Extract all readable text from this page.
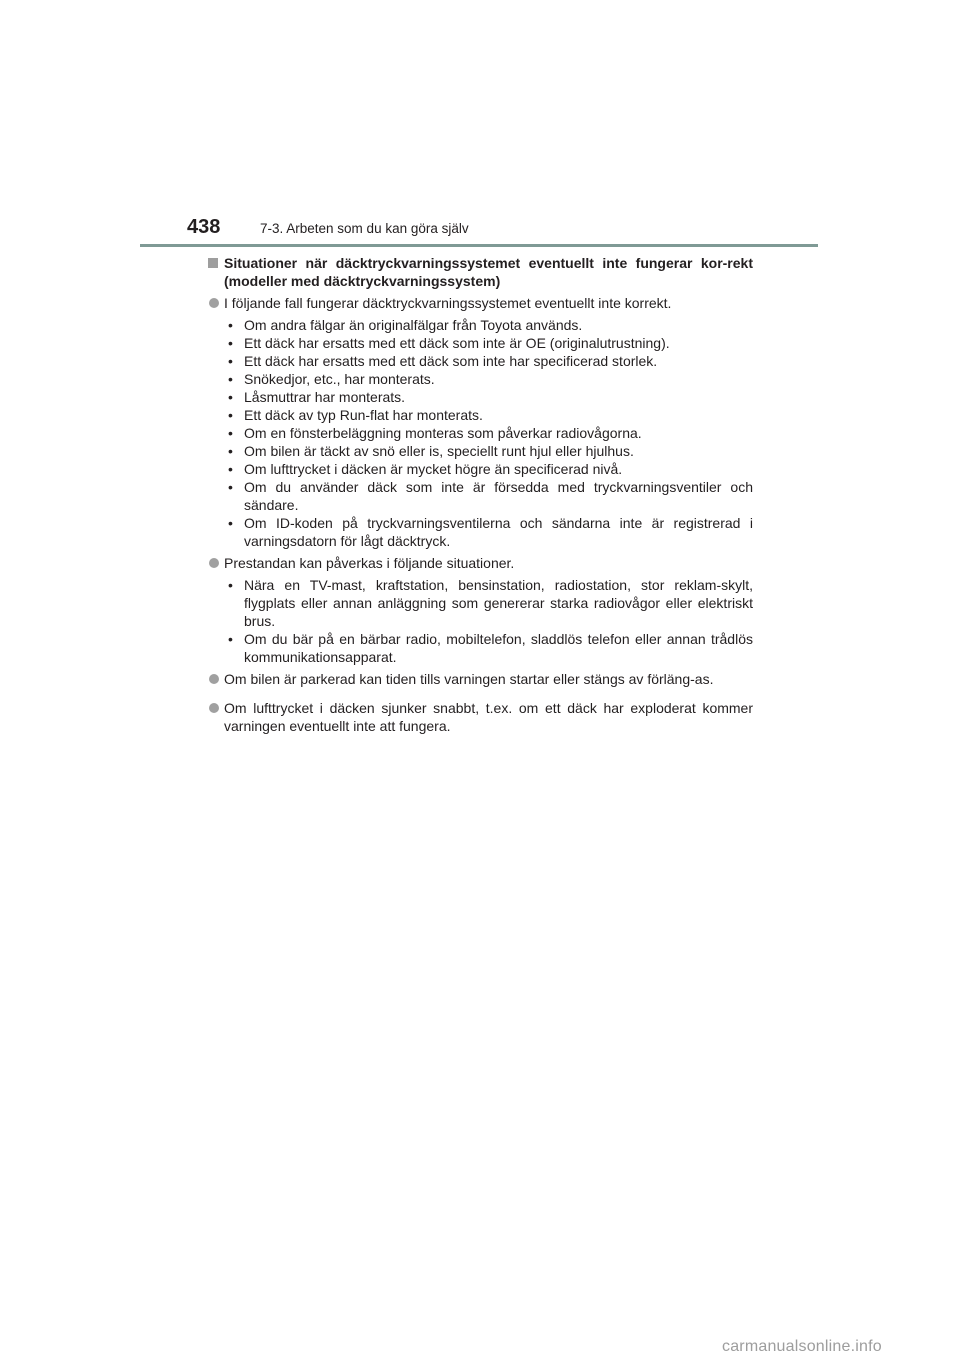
438	7-3. Arbeten som du kan göra själv
Situationer när däcktryckvarningssystemet eventuellt inte fungerar kor-rekt (modeller med däcktryckvarningssystem)
I följande fall fungerar däcktryckvarningssystemet eventuellt inte korrekt.
• Om andra fälgar än originalfälgar från Toyota används.
• Ett däck har ersatts med ett däck som inte är OE (originalutrustning).
• Ett däck har ersatts med ett däck som inte har specificerad storlek.
• Snökedjor, etc., har monterats.
• Låsmuttrar har monterats.
• Ett däck av typ Run-flat har monterats.
• Om en fönsterbeläggning monteras som påverkar radiovågorna.
• Om bilen är täckt av snö eller is, speciellt runt hjul eller hjulhus.
• Om lufttrycket i däcken är mycket högre än specificerad nivå.
• Om du använder däck som inte är försedda med tryckvarningsventiler och sändare.
• Om ID-koden på tryckvarningsventilerna och sändarna inte är registrerad i varningsdatorn för lågt däcktryck.
Prestandan kan påverkas i följande situationer.
• Nära en TV-mast, kraftstation, bensinstation, radiostation, stor reklam-skylt, flygplats eller annan anläggning som genererar starka radiovågor eller elektriskt brus.
• Om du bär på en bärbar radio, mobiltelefon, sladdlös telefon eller annan trådlös kommunikationsapparat.
Om bilen är parkerad kan tiden tills varningen startar eller stängs av förläng-as.
Om lufttrycket i däcken sjunker snabbt, t.ex. om ett däck har exploderat kommer varningen eventuellt inte att fungera.
carmanualsonline.info
